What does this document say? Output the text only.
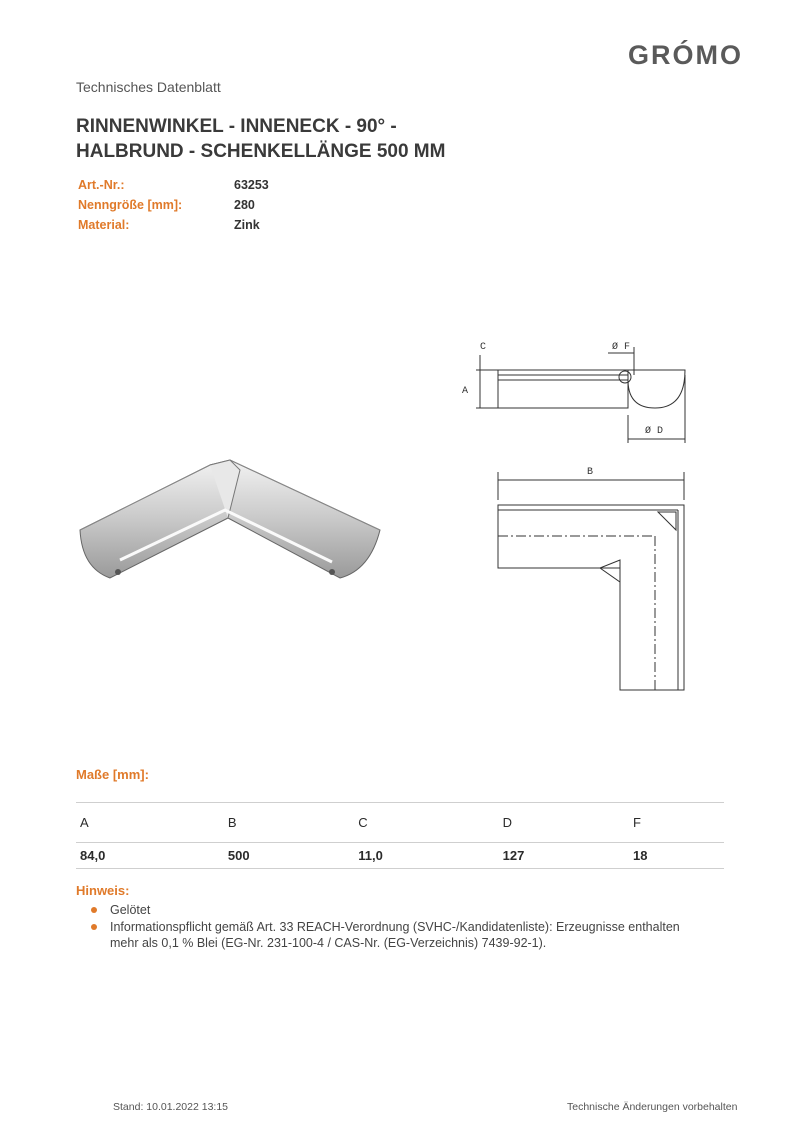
GRÓMO
Technisches Datenblatt
RINNENWINKEL - INNENECK - 90° -
HALBRUND - SCHENKELLÄNGE 500 MM
Art.-Nr.:	63253
Nenngröße [mm]:	280
Material:	Zink
A
C	Ø F
Ø D
B
Maße [mm]:
A	B	C	D	F
84,0	500	11,0	127	18
Hinweis:
Gelötet
Informationspflicht gemäß Art. 33 REACH-Verordnung (SVHC-/Kandidatenliste): Erzeugnisse enthalten mehr als 0,1 % Blei (EG-Nr. 231-100-4 / CAS-Nr. (EG-Verzeichnis) 7439-92-1).
Stand: 10.01.2022 13:15	Technische Änderungen vorbehalten
